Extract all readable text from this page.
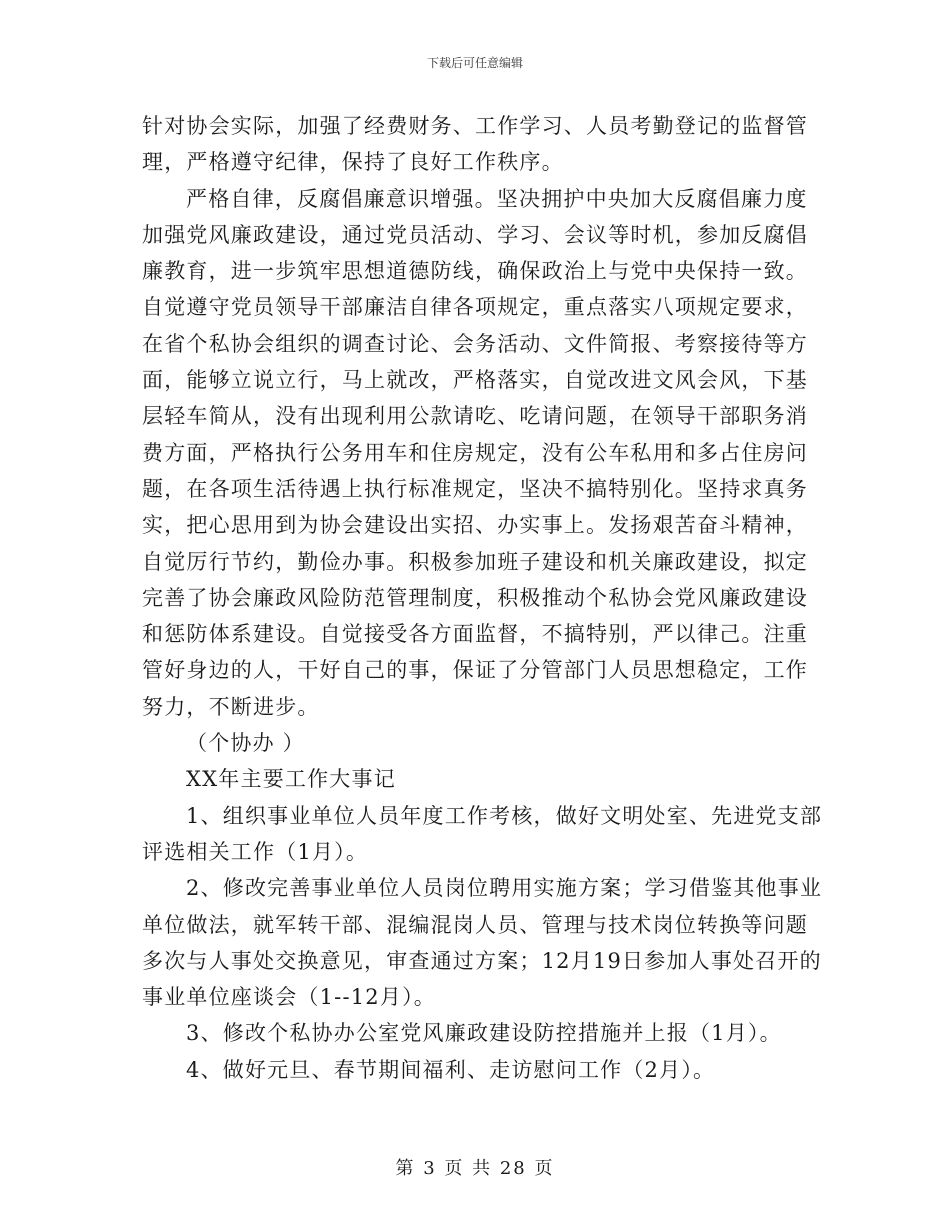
下载后可任意编辑
针对协会实际，加强了经费财务、工作学习、人员考勤登记的监督管
理，严格遵守纪律，保持了良好工作秩序。
严格自律，反腐倡廉意识增强。坚决拥护中央加大反腐倡廉力度
加强党风廉政建设，通过党员活动、学习、会议等时机，参加反腐倡
廉教育，进一步筑牢思想道德防线，确保政治上与党中央保持一致。
自觉遵守党员领导干部廉洁自律各项规定，重点落实八项规定要求，
在省个私协会组织的调查讨论、会务活动、文件简报、考察接待等方
面，能够立说立行，马上就改，严格落实，自觉改进文风会风，下基
层轻车简从，没有出现利用公款请吃、吃请问题，在领导干部职务消
费方面，严格执行公务用车和住房规定，没有公车私用和多占住房问
题，在各项生活待遇上执行标准规定，坚决不搞特别化。坚持求真务
实，把心思用到为协会建设出实招、办实事上。发扬艰苦奋斗精神，
自觉厉行节约，勤俭办事。积极参加班子建设和机关廉政建设，拟定
完善了协会廉政风险防范管理制度，积极推动个私协会党风廉政建设
和惩防体系建设。自觉接受各方面监督，不搞特别，严以律己。注重
管好身边的人，干好自己的事，保证了分管部门人员思想稳定，工作
努力，不断进步。
（个协办 ）
XX年主要工作大事记
1、组织事业单位人员年度工作考核，做好文明处室、先进党支部
评选相关工作（1月）。
2、修改完善事业单位人员岗位聘用实施方案；学习借鉴其他事业
单位做法，就军转干部、混编混岗人员、管理与技术岗位转换等问题
多次与人事处交换意见，审查通过方案；12月19日参加人事处召开的
事业单位座谈会（1--12月）。
3、修改个私协办公室党风廉政建设防控措施并上报（1月）。
4、做好元旦、春节期间福利、走访慰问工作（2月）。
第 3 页 共 28 页
